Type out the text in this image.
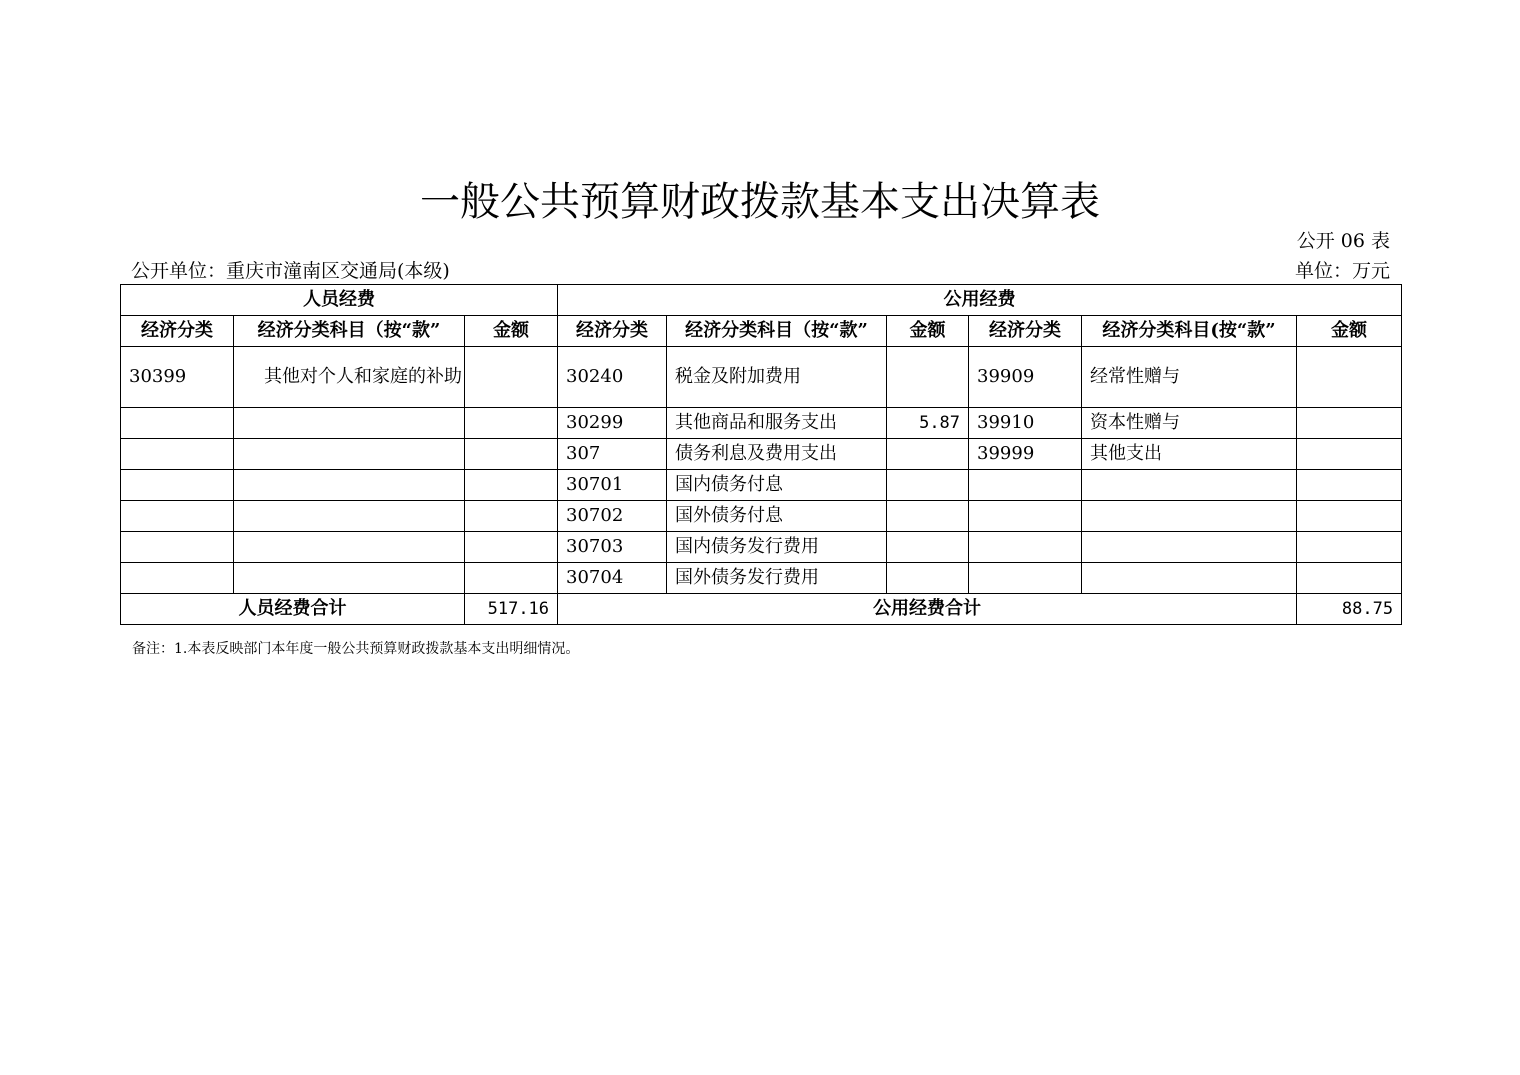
一般公共预算财政拨款基本支出决算表
公开 06 表
公开单位：重庆市潼南区交通局(本级)	单位：万元
人员经费			公用经费					
经济分类	经济分类科目（按“款”	金额	经济分类	经济分类科目（按“款”	金额	经济分类	经济分类科目(按“款”	金额
30399	其他对个人和家庭的补助		30240	税金及附加费用		39909	经常性赠与	
			30299	其他商品和服务支出	5.87	39910	资本性赠与	
			307	债务利息及费用支出		39999	其他支出	
			30701	国内债务付息				
			30702	国外债务付息				
			30703	国内债务发行费用				
			30704	国外债务发行费用				
人员经费合计		517.16	公用经费合计					88.75
备注：1.本表反映部门本年度一般公共预算财政拨款基本支出明细情况。
